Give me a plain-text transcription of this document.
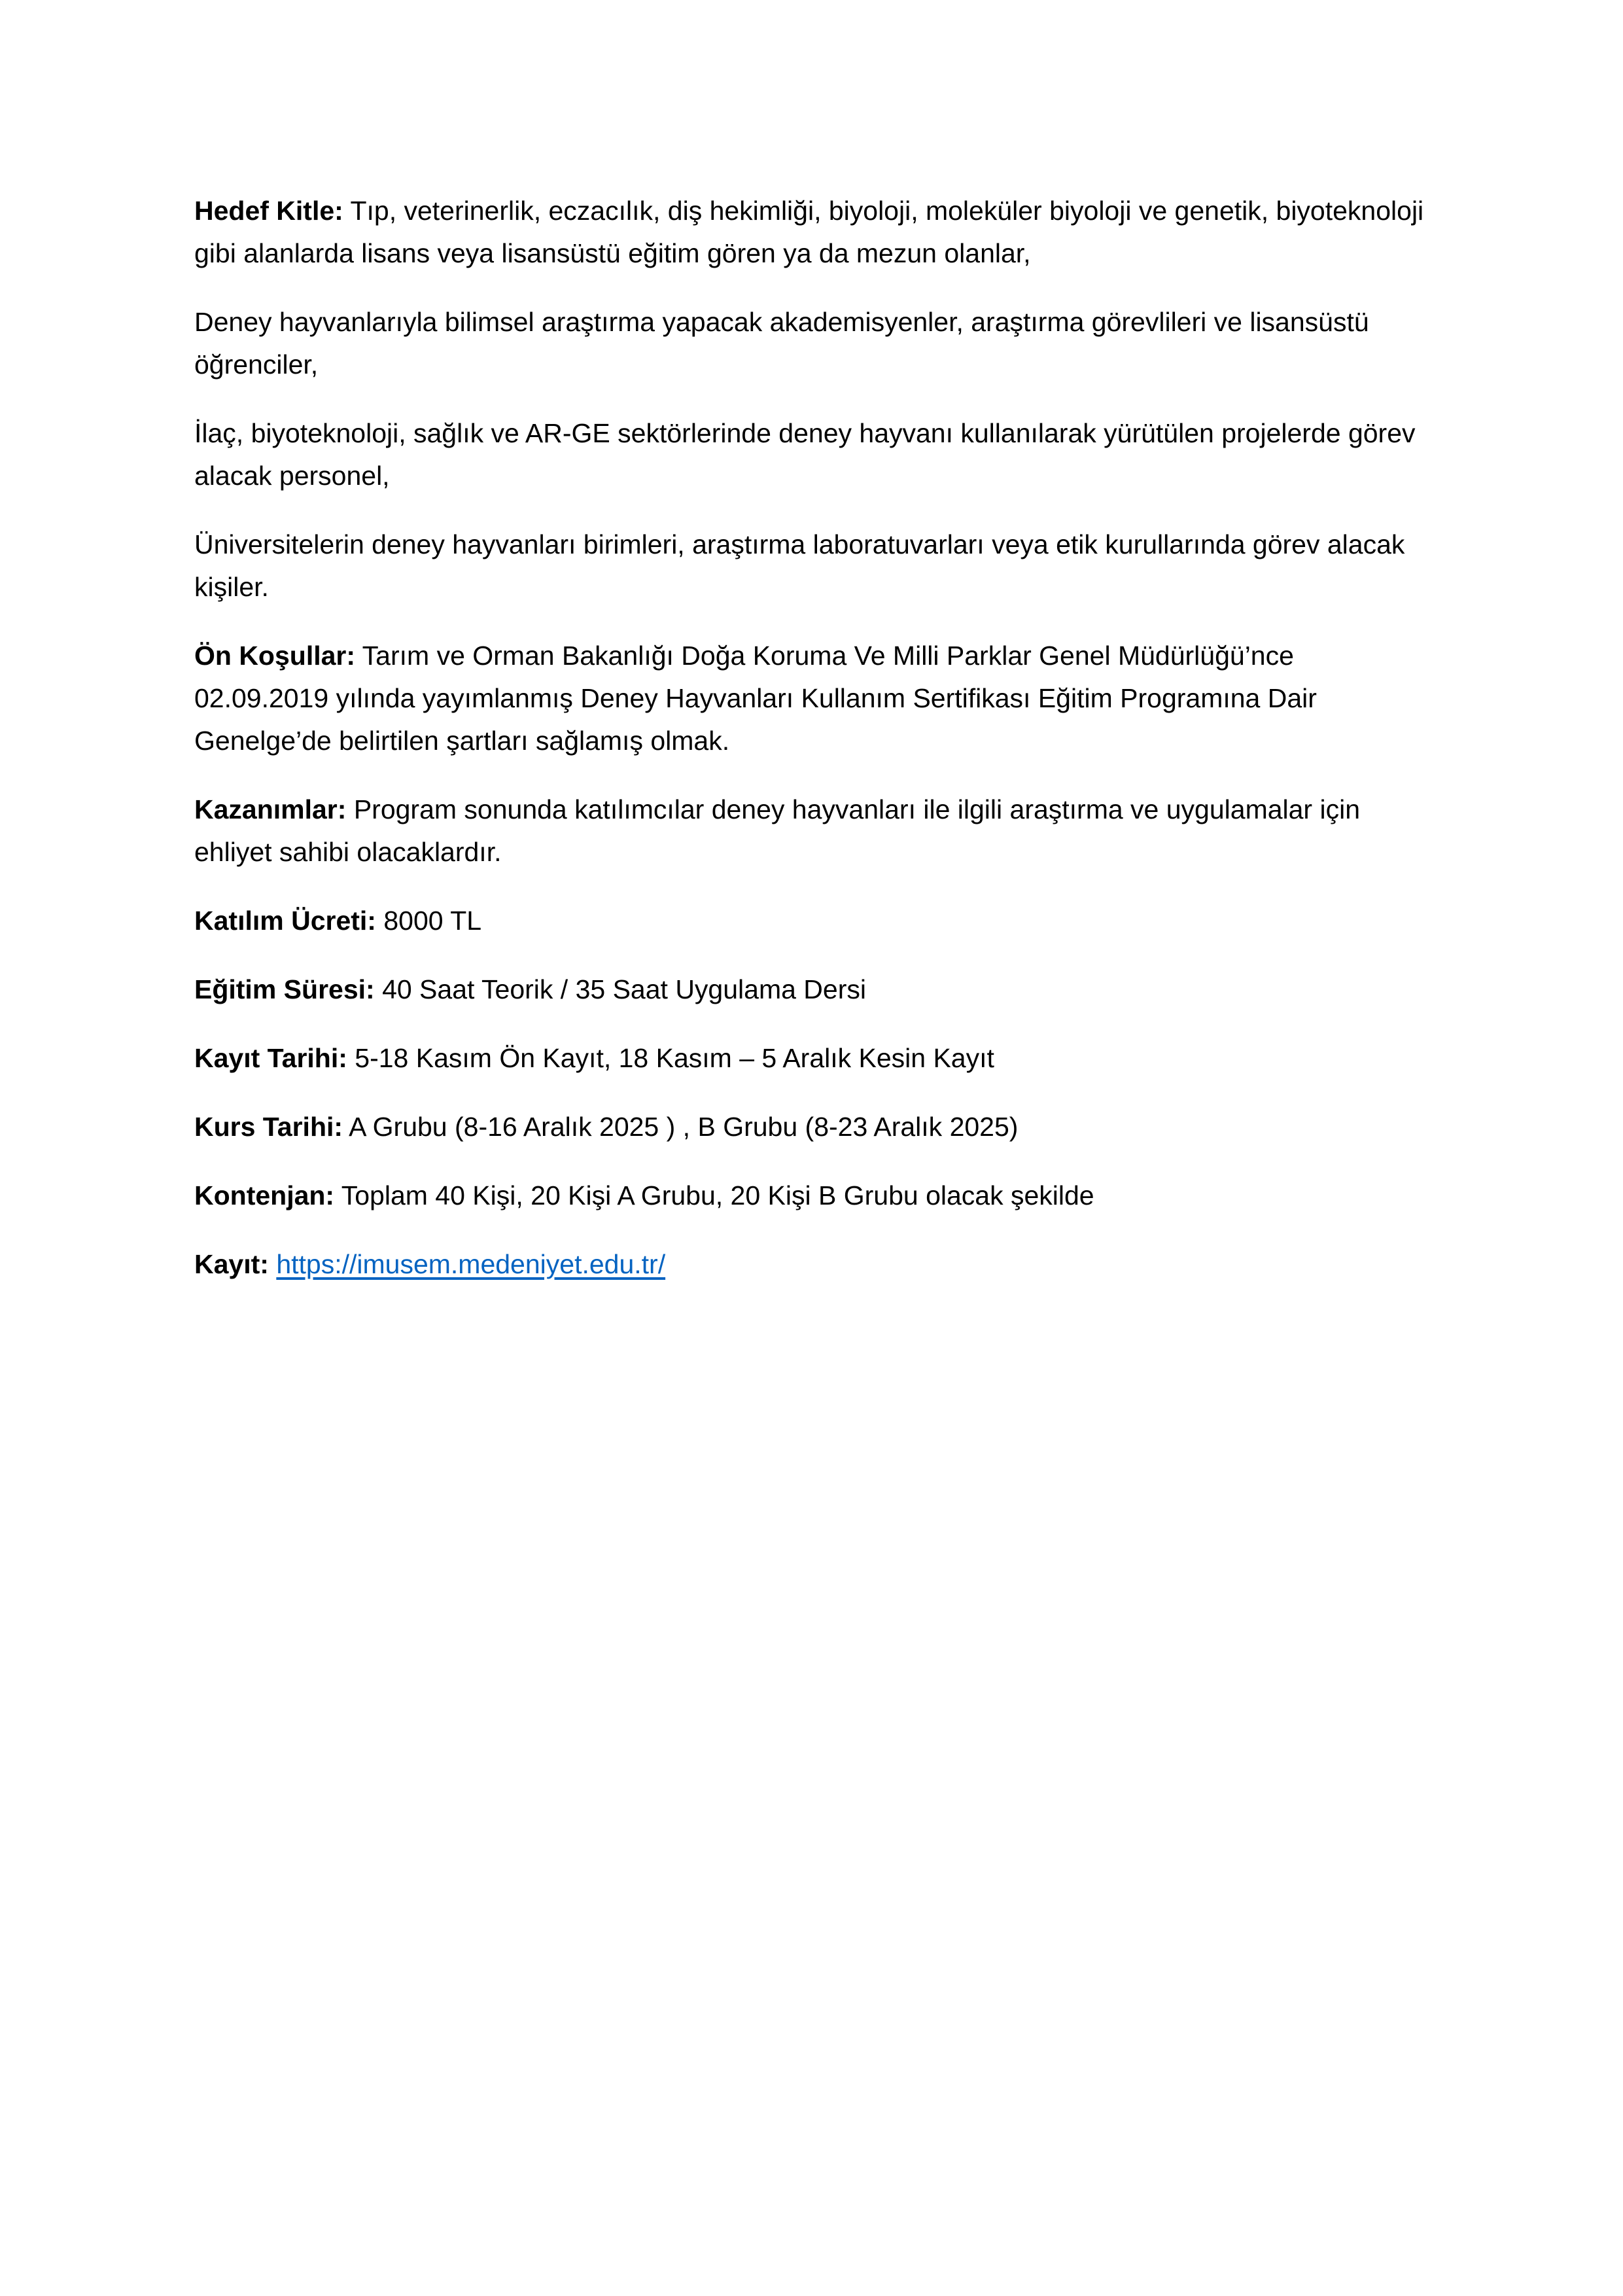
Hedef Kitle: Tıp, veterinerlik, eczacılık, diş hekimliği, biyoloji, moleküler biyoloji ve genetik, biyoteknoloji gibi alanlarda lisans veya lisansüstü eğitim gören ya da mezun olanlar,

Deney hayvanlarıyla bilimsel araştırma yapacak akademisyenler, araştırma görevlileri ve lisansüstü öğrenciler,

İlaç, biyoteknoloji, sağlık ve AR-GE sektörlerinde deney hayvanı kullanılarak yürütülen projelerde görev alacak personel,

Üniversitelerin deney hayvanları birimleri, araştırma laboratuvarları veya etik kurullarında görev alacak kişiler.

Ön Koşullar: Tarım ve Orman Bakanlığı Doğa Koruma Ve Milli Parklar Genel Müdürlüğü’nce 02.09.2019 yılında yayımlanmış Deney Hayvanları Kullanım Sertifikası Eğitim Programına Dair Genelge’de belirtilen şartları sağlamış olmak.

Kazanımlar: Program sonunda katılımcılar deney hayvanları ile ilgili araştırma ve uygulamalar için ehliyet sahibi olacaklardır.

Katılım Ücreti: 8000 TL

Eğitim Süresi: 40 Saat Teorik / 35 Saat Uygulama Dersi

Kayıt Tarihi: 5-18 Kasım Ön Kayıt, 18 Kasım – 5 Aralık Kesin Kayıt

Kurs Tarihi: A Grubu (8-16 Aralık 2025 ) , B Grubu (8-23 Aralık 2025)

Kontenjan: Toplam 40 Kişi, 20 Kişi A Grubu, 20 Kişi B Grubu olacak şekilde

Kayıt: https://imusem.medeniyet.edu.tr/
